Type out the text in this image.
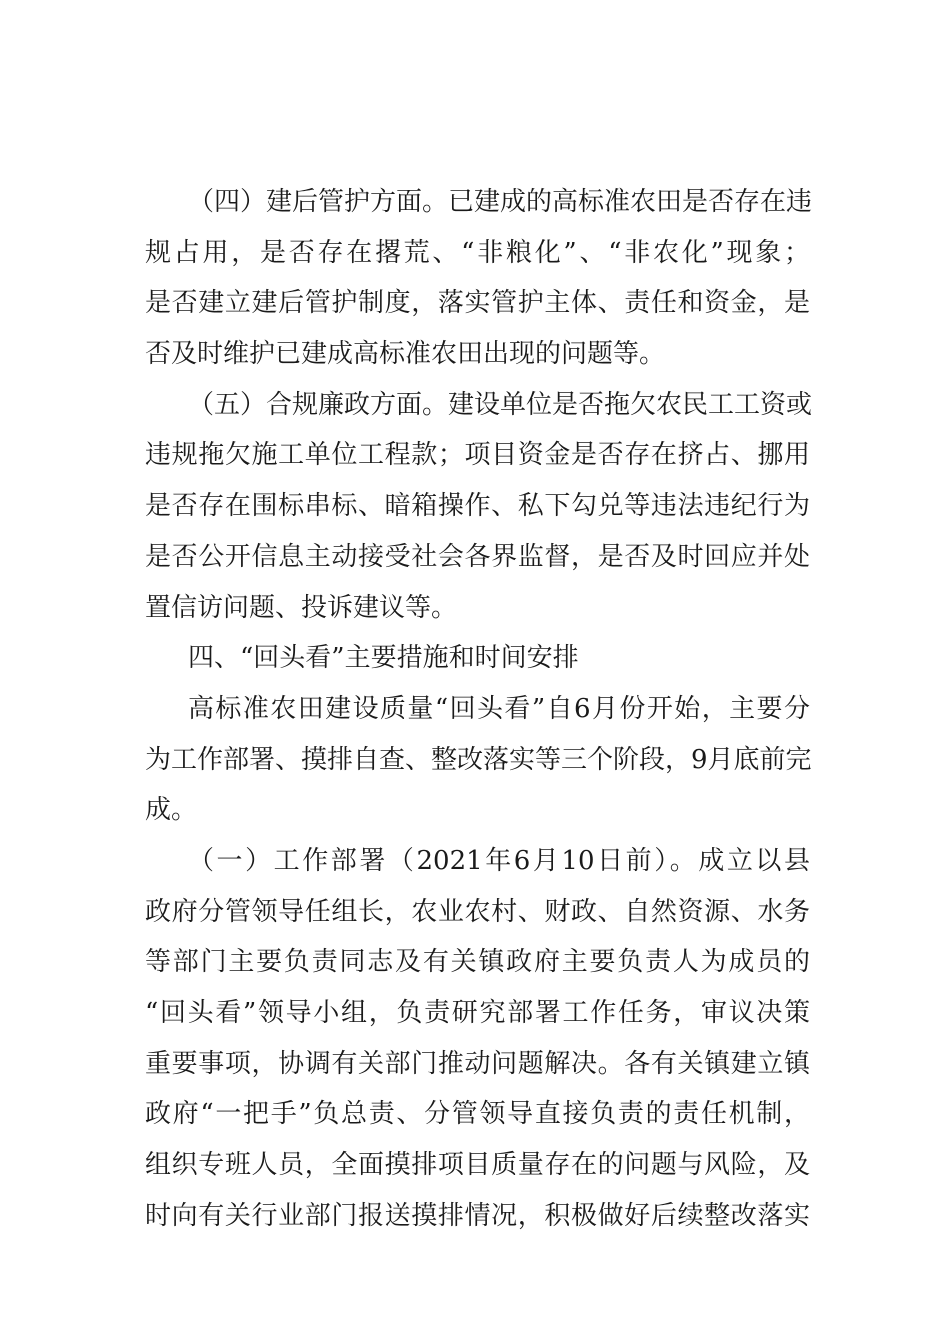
（四）建后管护方面。已建成的高标准农田是否存在违
规占用，是否存在撂荒、“非粮化”、“非农化”现象；
是否建立建后管护制度，落实管护主体、责任和资金，是
否及时维护已建成高标准农田出现的问题等。
（五）合规廉政方面。建设单位是否拖欠农民工工资或
违规拖欠施工单位工程款；项目资金是否存在挤占、挪用
是否存在围标串标、暗箱操作、私下勾兑等违法违纪行为
是否公开信息主动接受社会各界监督，是否及时回应并处
置信访问题、投诉建议等。
四、“回头看”主要措施和时间安排
高标准农田建设质量“回头看”自6月份开始，主要分
为工作部署、摸排自查、整改落实等三个阶段，9月底前完
成。
（一）工作部署（2021年6月10日前）。成立以县
政府分管领导任组长，农业农村、财政、自然资源、水务
等部门主要负责同志及有关镇政府主要负责人为成员的
“回头看”领导小组，负责研究部署工作任务，审议决策
重要事项，协调有关部门推动问题解决。各有关镇建立镇
政府“一把手”负总责、分管领导直接负责的责任机制，
组织专班人员，全面摸排项目质量存在的问题与风险，及
时向有关行业部门报送摸排情况，积极做好后续整改落实
